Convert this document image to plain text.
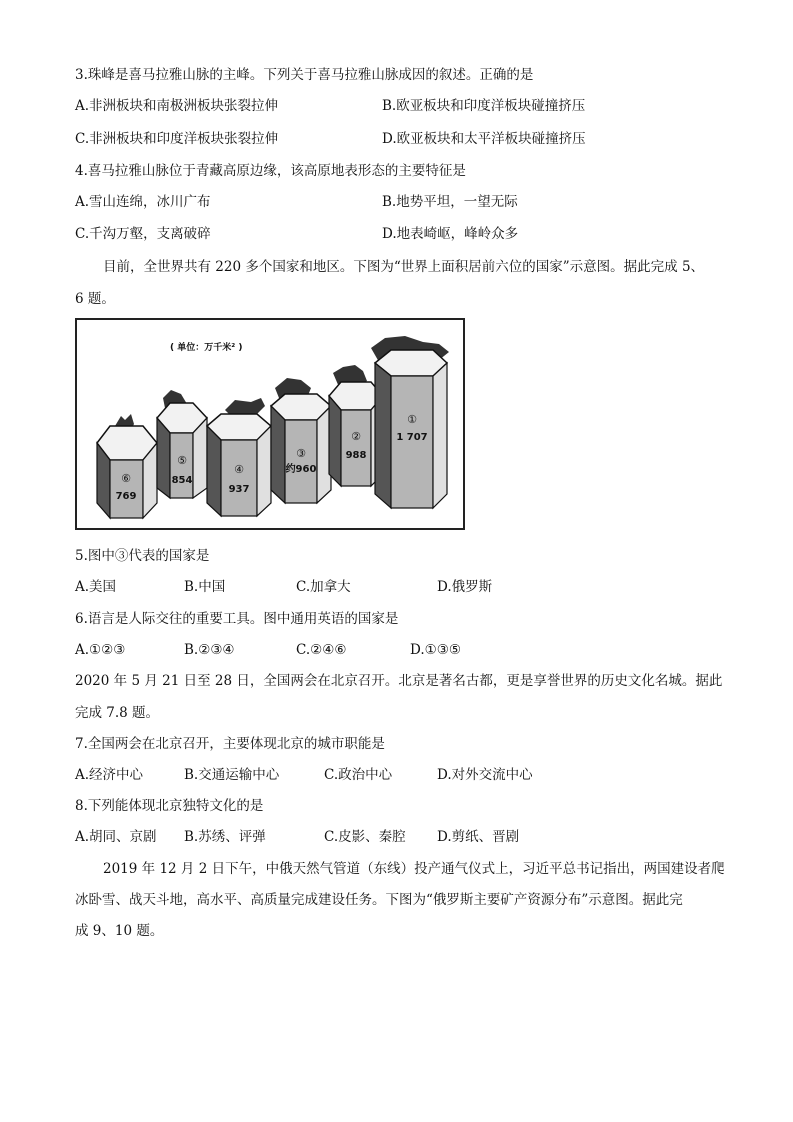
3.珠峰是喜马拉雅山脉的主峰。下列关于喜马拉雅山脉成因的叙述。正确的是
A.非洲板块和南极洲板块张裂拉伸	B.欧亚板块和印度洋板块碰撞挤压
C.非洲板块和印度洋板块张裂拉伸	D.欧亚板块和太平洋板块碰撞挤压
4.喜马拉雅山脉位于青藏高原边缘，该高原地表形态的主要特征是
A.雪山连绵，冰川广布	B.地势平坦，一望无际
C.千沟万壑，支离破碎	D.地表崎岖，峰岭众多
目前，全世界共有 220 多个国家和地区。下图为“世界上面积居前六位的国家”示意图。据此完成 5、
6 题。
( 单位：万千米² )
⑥
769
⑤
854
④
937
③
约960
②
988
①
1 707
5.图中③代表的国家是
A.美国	B.中国	C.加拿大	D.俄罗斯
6.语言是人际交往的重要工具。图中通用英语的国家是
A.①②③	B.②③④	C.②④⑥	D.①③⑤
2020 年 5 月 21 日至 28 日，全国两会在北京召开。北京是著名古都，更是享誉世界的历史文化名城。据此
完成 7.8 题。
7.全国两会在北京召开，主要体现北京的城市职能是
A.经济中心	B.交通运输中心	C.政治中心	D.对外交流中心
8.下列能体现北京独特文化的是
A.胡同、京剧 B.苏绣、评弹	C.皮影、秦腔 D.剪纸、晋剧
2019 年 12 月 2 日下午，中俄天然气管道（东线）投产通气仪式上，习近平总书记指出，两国建设者爬
冰卧雪、战天斗地，高水平、高质量完成建设任务。下图为“俄罗斯主要矿产资源分布”示意图。据此完
成 9、10 题。
